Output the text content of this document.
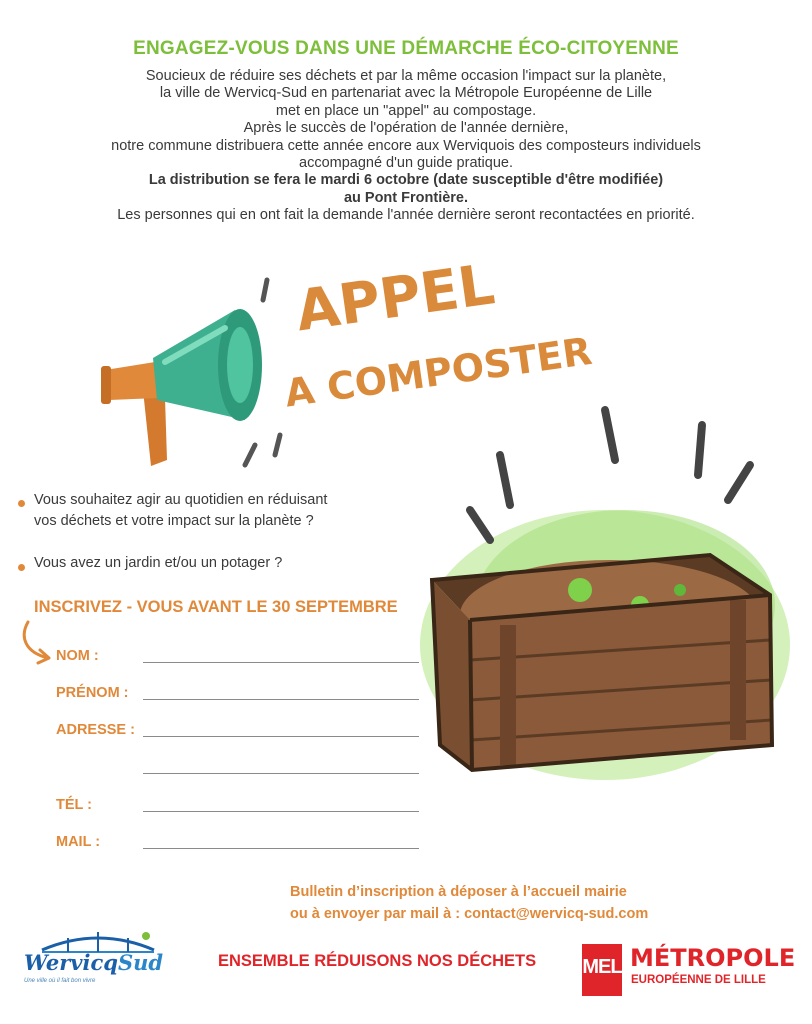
ENGAGEZ-VOUS DANS UNE DÉMARCHE ÉCO-CITOYENNE
Soucieux de réduire ses déchets et par la même occasion l'impact sur la planète,
la ville de Wervicq-Sud en partenariat avec la Métropole Européenne de Lille
met en place un "appel" au compostage.
Après le succès de l'opération de l'année dernière,
notre commune distribuera cette année encore aux Werviquois des composteurs individuels
accompagné d'un guide pratique.
La distribution se fera le mardi 6 octobre (date susceptible d'être modifiée)
au Pont Frontière.
Les personnes qui en ont fait la demande l'année dernière seront recontactées en priorité.
APPEL
A COMPOSTER
Vous souhaitez agir au quotidien en réduisant
vos déchets et votre impact sur la planète ?
Vous avez un jardin et/ou un potager ?
INSCRIVEZ - VOUS AVANT LE 30 SEPTEMBRE
NOM :
PRÉNOM :
ADRESSE :
TÉL :
MAIL :
Bulletin d’inscription à déposer à l’accueil mairie
ou à envoyer par mail à : contact@wervicq-sud.com
WervicqSud
Une ville où il fait bon vivre
ENSEMBLE RÉDUISONS NOS DÉCHETS MEL MÉTROPOLE
EUROPÉENNE DE LILLE
